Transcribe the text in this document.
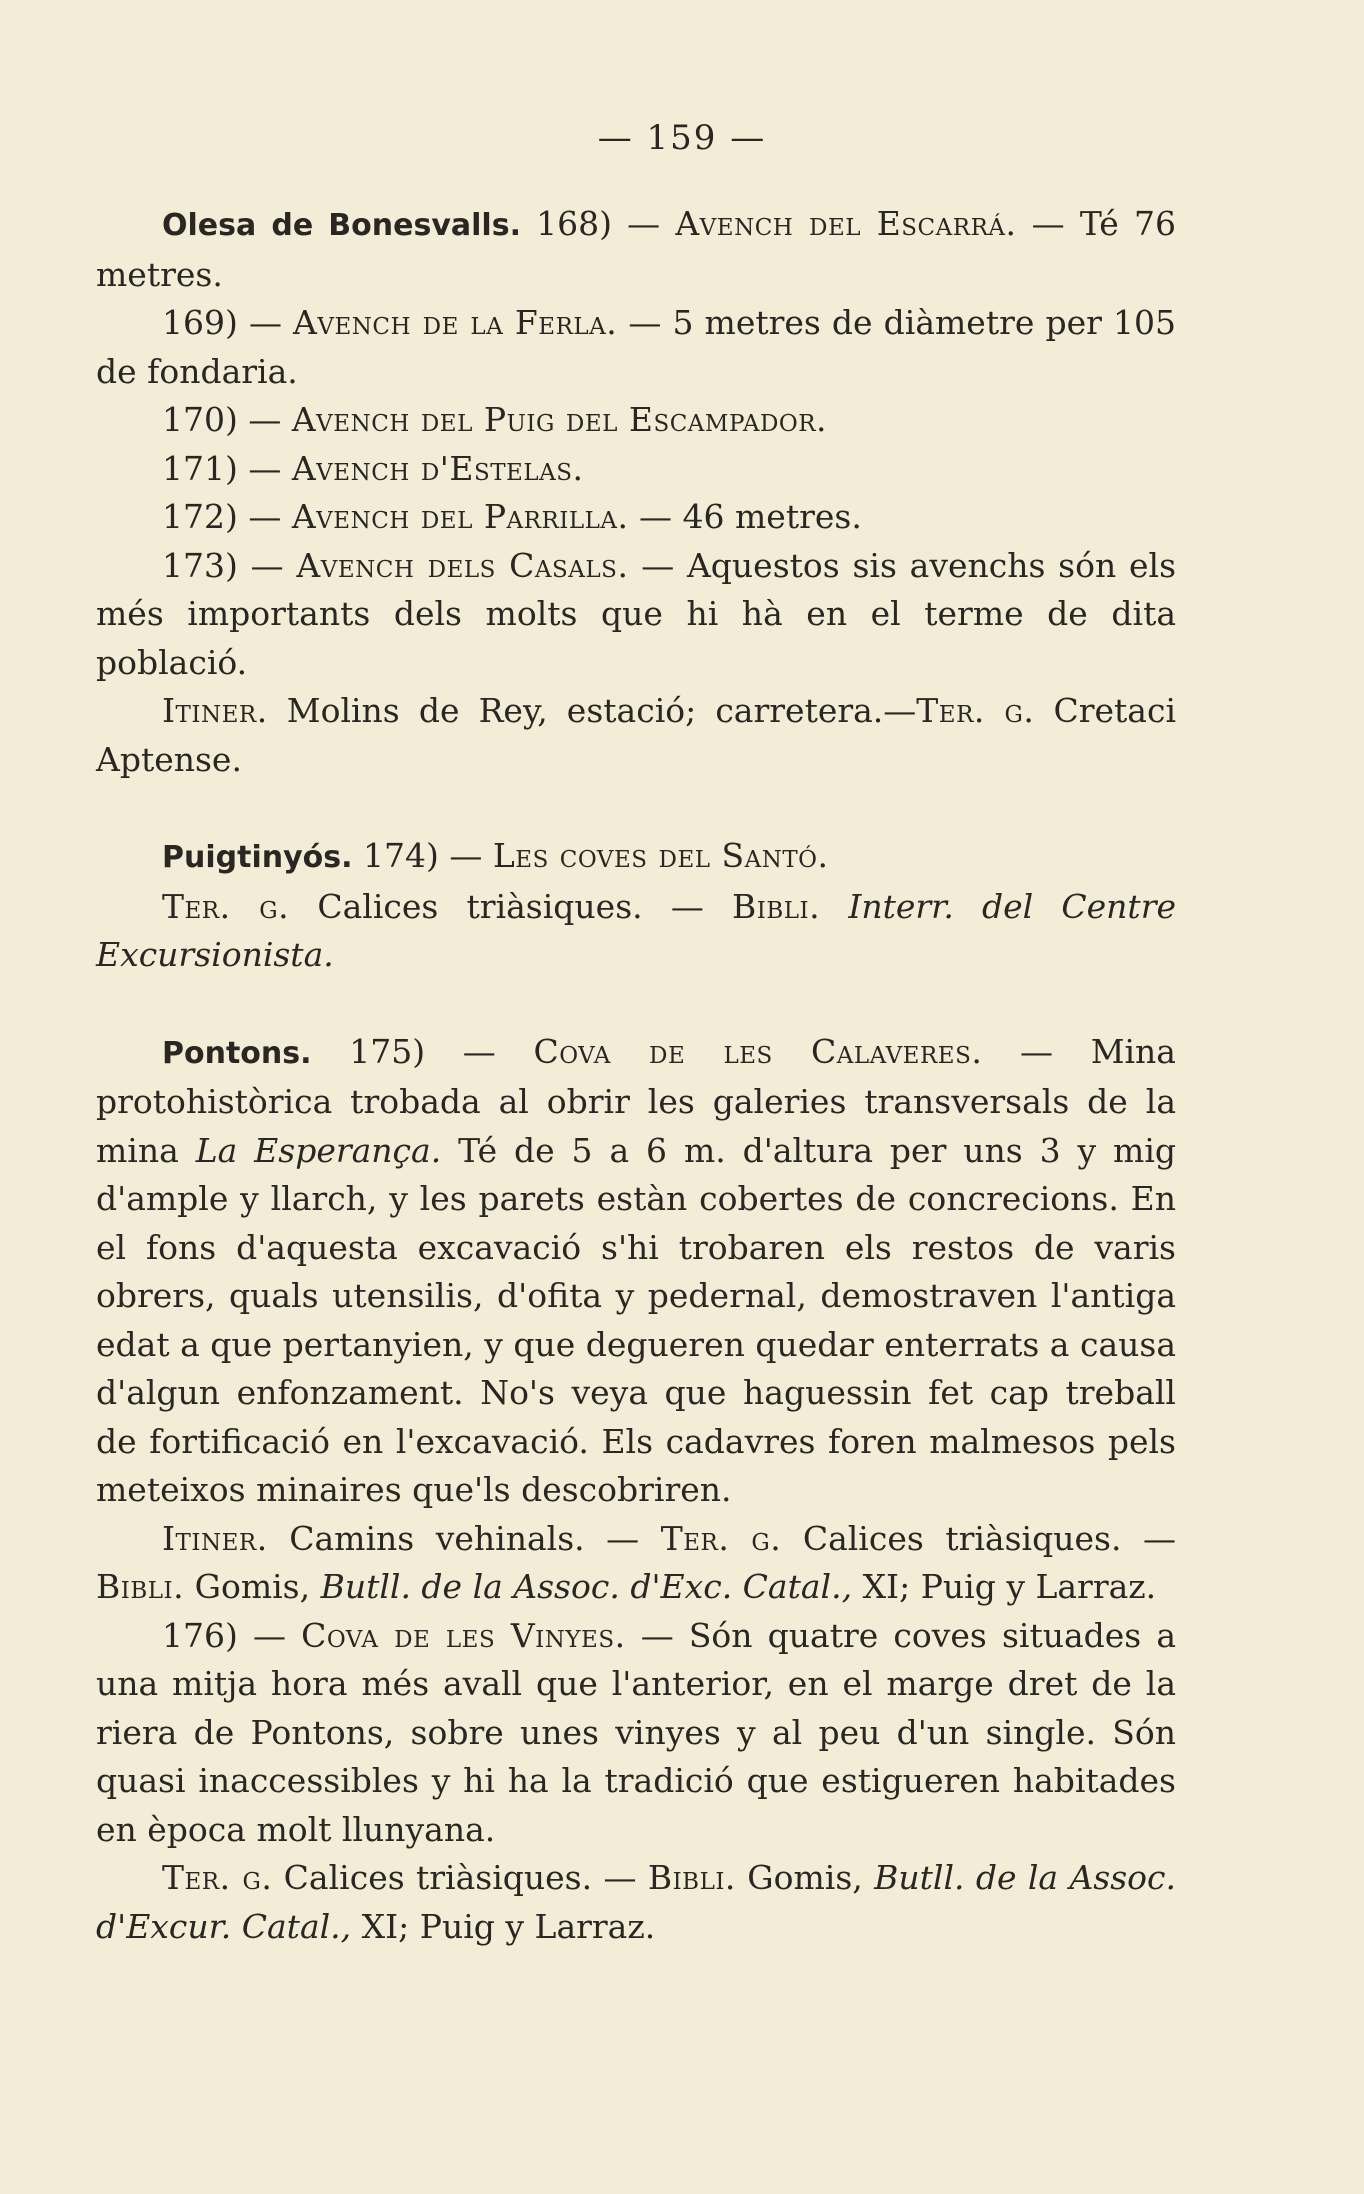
— 159 —

Olesa de Bonesvalls. 168) — Avench del Escarrá. — Té 76 metres.

169) — Avench de la Ferla. — 5 metres de diàmetre per 105 de fondaria.

170) — Avench del Puig del Escampador.

171) — Avench d'Estelas.

172) — Avench del Parrilla. — 46 metres.

173) — Avench dels Casals. — Aquestos sis avenchs són els més importants dels molts que hi hà en el terme de dita població.

Itiner. Molins de Rey, estació; carretera.—Ter. g. Cretaci Aptense.

Puigtinyós. 174) — Les coves del Santó.

Ter. g. Calices triàsiques. — Bibli. Interr. del Centre Excursionista.

Pontons. 175) — Cova de les Calaveres. — Mina protohistòrica trobada al obrir les galeries transversals de la mina La Esperança. Té de 5 a 6 m. d'altura per uns 3 y mig d'ample y llarch, y les parets estàn cobertes de concrecions. En el fons d'aquesta excavació s'hi trobaren els restos de varis obrers, quals utensilis, d'ofita y pedernal, demostraven l'antiga edat a que pertanyien, y que degueren quedar enterrats a causa d'algun enfonzament. No's veya que haguessin fet cap treball de fortificació en l'excavació. Els cadavres foren malmesos pels meteixos minaires que'ls descobriren.

Itiner. Camins vehinals. — Ter. g. Calices triàsiques. — Bibli. Gomis, Butll. de la Assoc. d'Exc. Catal., XI; Puig y Larraz.

176) — Cova de les Vinyes. — Són quatre coves situades a una mitja hora més avall que l'anterior, en el marge dret de la riera de Pontons, sobre unes vinyes y al peu d'un single. Són quasi inaccessibles y hi ha la tradició que estigueren habitades en època molt llunyana.

Ter. g. Calices triàsiques. — Bibli. Gomis, Butll. de la Assoc. d'Excur. Catal., XI; Puig y Larraz.
